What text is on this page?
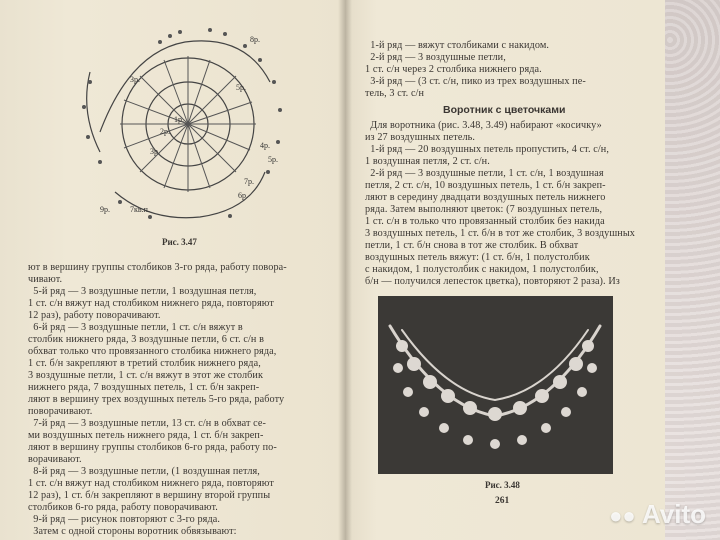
8р.
5р.
4р.
5р.
7р.
6р.
3р.
2р.
1р.
Зр.
7кв.п.
9р.
Рис. 3.47
ют в вершину группы столбиков 3-го ряда, работу повора-
чивают.
5-й ряд — 3 воздушные петли, 1 воздушная петля,
1 ст. с/н вяжут над столбиком нижнего ряда, повторяют
12 раз), работу поворачивают.
6-й ряд — 3 воздушные петли, 1 ст. с/н вяжут в
столбик нижнего ряда, 3 воздушные петли, 6 ст. с/н в
обхват только что провязанного столбика нижнего ряда,
1 ст. б/н закрепляют в третий столбик нижнего ряда,
3 воздушные петли, 1 ст. с/н вяжут в этот же столбик
нижнего ряда, 7 воздушных петель, 1 ст. б/н закреп-
ляют в вершину трех воздушных петель 5-го ряда, работу
поворачивают.
7-й ряд — 3 воздушные петли, 13 ст. с/н в обхват се-
ми воздушных петель нижнего ряда, 1 ст. б/н закреп-
ляют в вершину группы столбиков 6-го ряда, работу по-
ворачивают.
8-й ряд — 3 воздушные петли, (1 воздушная петля,
1 ст. с/н вяжут над столбиком нижнего ряда, повторяют
12 раз), 1 ст. б/н закрепляют в вершину второй группы
столбиков 6-го ряда, работу поворачивают.
9-й ряд — рисунок повторяют с 3-го ряда.
Затем с одной стороны воротник обвязывают:
1-й ряд — вяжут столбиками с накидом.
2-й ряд — 3 воздушные петли,
1 ст. с/н через 2 столбика нижнего ряда.
3-й ряд — (3 ст. с/н, пико из трех воздушных пе-
тель, 3 ст. с/н
Воротник с цветочками
Для воротника (рис. 3.48, 3.49) набирают «косичку»
из 27 воздушных петель.
1-й ряд — 20 воздушных петель пропустить, 4 ст. с/н,
1 воздушная петля, 2 ст. с/н.
2-й ряд — 3 воздушные петли, 1 ст. с/н, 1 воздушная
петля, 2 ст. с/н, 10 воздушных петель, 1 ст. б/н закреп-
ляют в середину двадцати воздушных петель нижнего
ряда. Затем выполняют цветок: (7 воздушных петель,
1 ст. с/н в только что провязанный столбик без накида
3 воздушных петель, 1 ст. б/н в тот же столбик, 3 воздушных
петли, 1 ст. б/н снова в тот же столбик. В обхват
воздушных петель вяжут: (1 ст. б/н, 1 полустолбик
с накидом, 1 полустолбик с накидом, 1 полустолбик,
б/н — получился лепесток цветка), повторяют 2 раза). Из
Рис. 3.48
261
●● Avito
